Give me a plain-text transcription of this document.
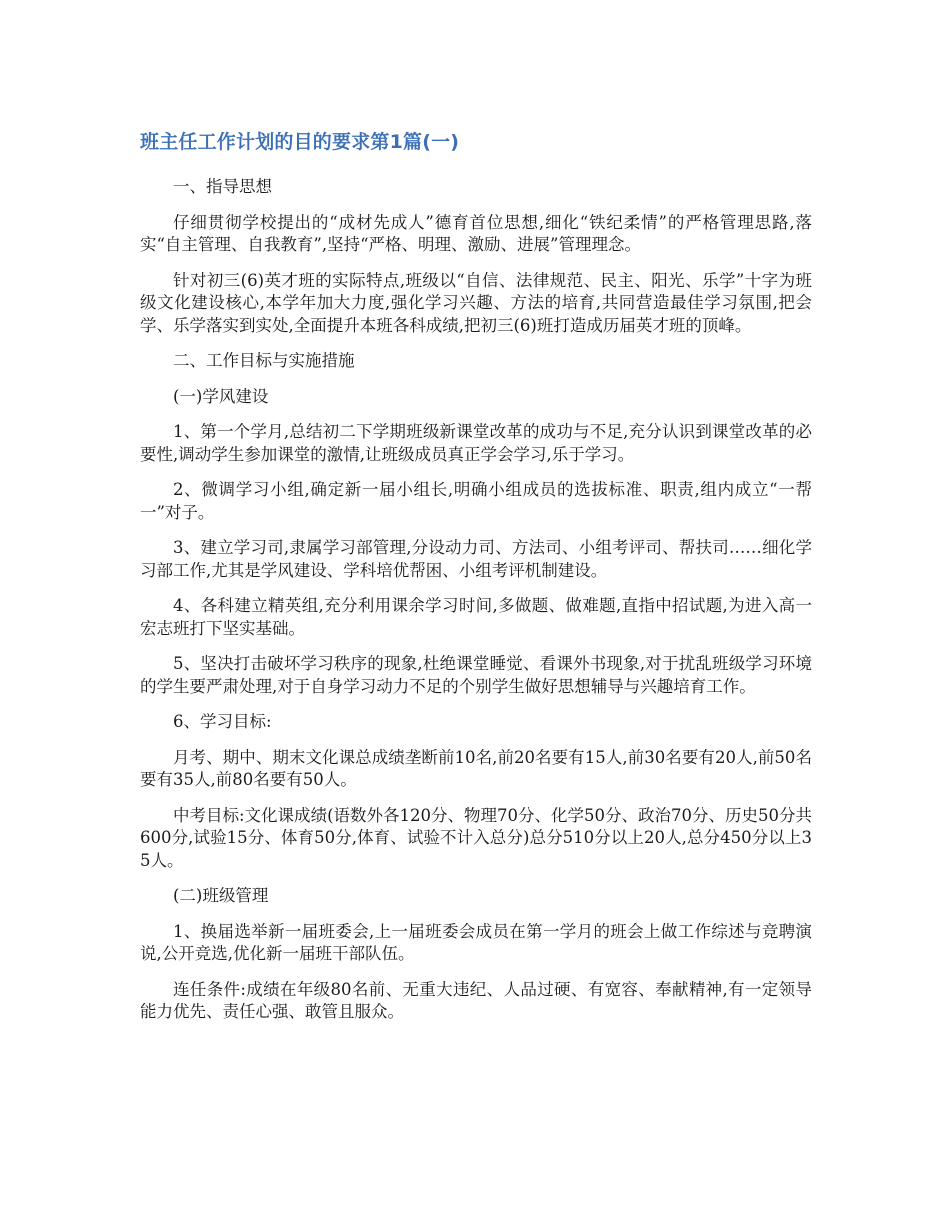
班主任工作计划的目的要求第1篇(一)

一、指导思想

仔细贯彻学校提出的“成材先成人”德育首位思想,细化“铁纪柔情”的严格管理思路,落实“自主管理、自我教育”,坚持“严格、明理、激励、进展”管理理念。

针对初三(6)英才班的实际特点,班级以“自信、法律规范、民主、阳光、乐学”十字为班级文化建设核心,本学年加大力度,强化学习兴趣、方法的培育,共同营造最佳学习氛围,把会学、乐学落实到实处,全面提升本班各科成绩,把初三(6)班打造成历届英才班的顶峰。

二、工作目标与实施措施

(一)学风建设

1、第一个学月,总结初二下学期班级新课堂改革的成功与不足,充分认识到课堂改革的必要性,调动学生参加课堂的激情,让班级成员真正学会学习,乐于学习。

2、微调学习小组,确定新一届小组长,明确小组成员的选拔标准、职责,组内成立“一帮一”对子。

3、建立学习司,隶属学习部管理,分设动力司、方法司、小组考评司、帮扶司……细化学习部工作,尤其是学风建设、学科培优帮困、小组考评机制建设。

4、各科建立精英组,充分利用课余学习时间,多做题、做难题,直指中招试题,为进入高一宏志班打下坚实基础。

5、坚决打击破坏学习秩序的现象,杜绝课堂睡觉、看课外书现象,对于扰乱班级学习环境的学生要严肃处理,对于自身学习动力不足的个别学生做好思想辅导与兴趣培育工作。

6、学习目标:

月考、期中、期末文化课总成绩垄断前10名,前20名要有15人,前30名要有20人,前50名要有35人,前80名要有50人。

中考目标:文化课成绩(语数外各120分、物理70分、化学50分、政治70分、历史50分共600分,试验15分、体育50分,体育、试验不计入总分)总分510分以上20人,总分450分以上35人。

(二)班级管理

1、换届选举新一届班委会,上一届班委会成员在第一学月的班会上做工作综述与竞聘演说,公开竞选,优化新一届班干部队伍。

连任条件:成绩在年级80名前、无重大违纪、人品过硬、有宽容、奉献精神,有一定领导能力优先、责任心强、敢管且服众。
